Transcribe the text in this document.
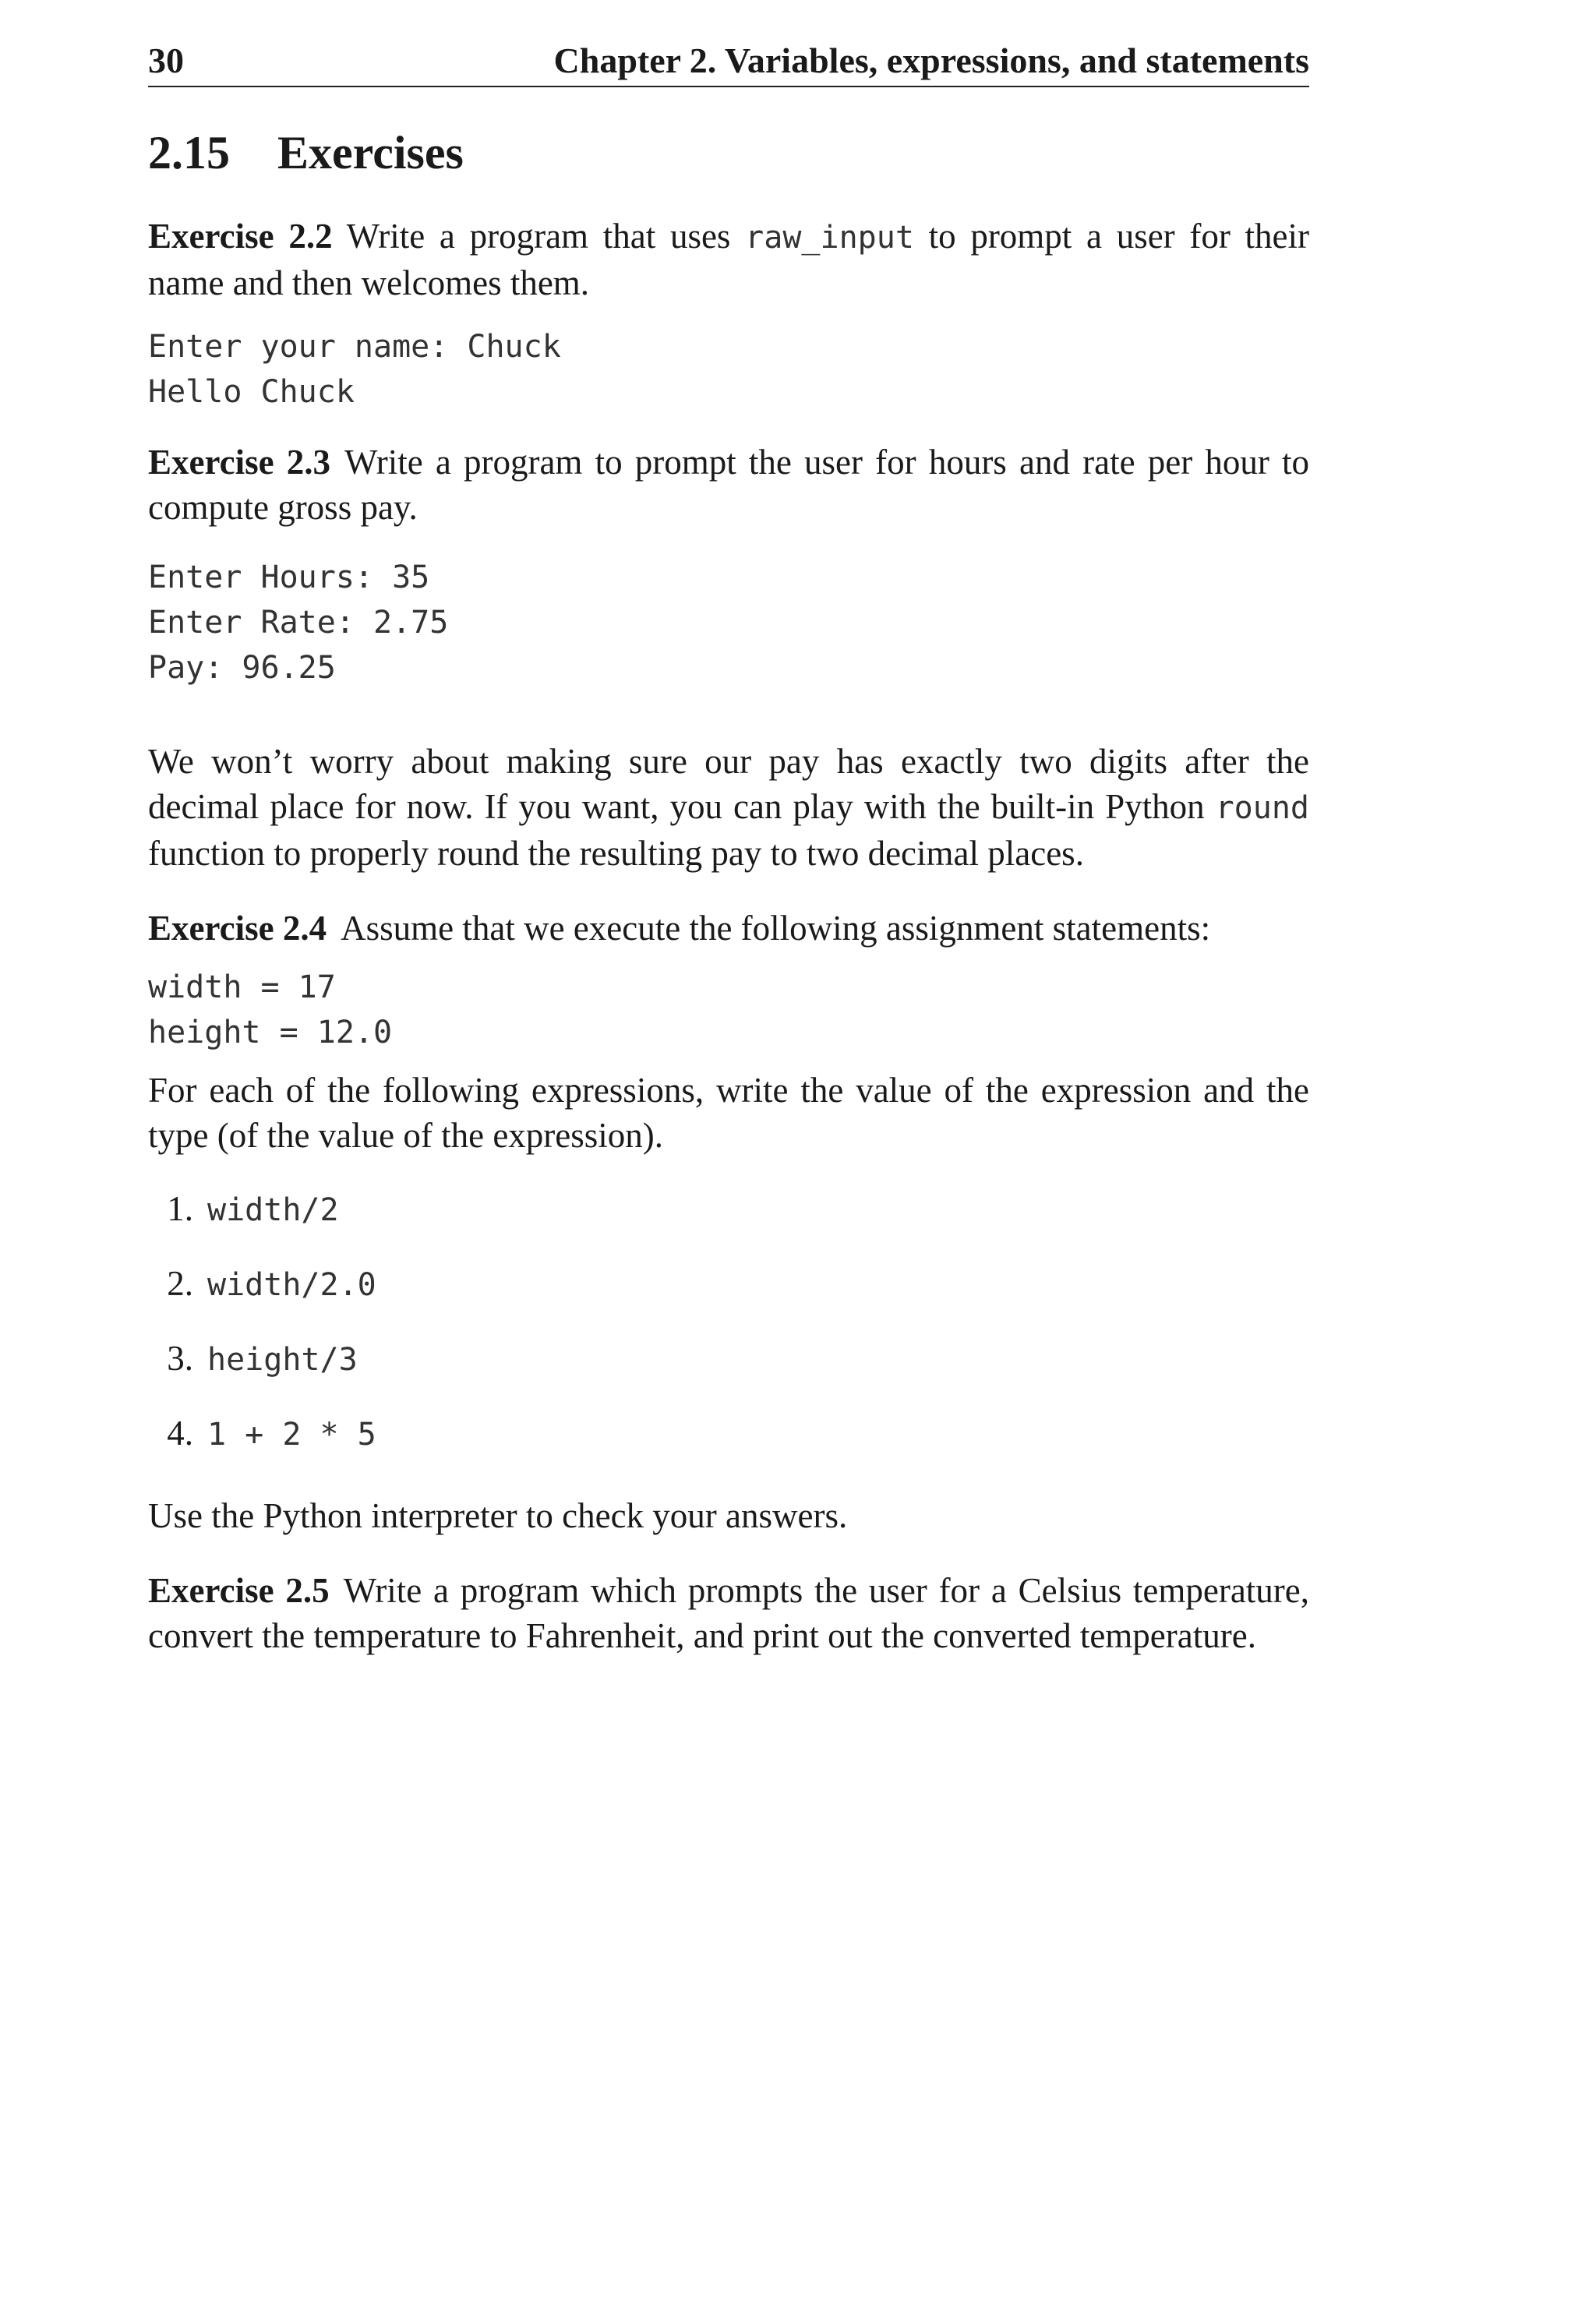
30	Chapter 2. Variables, expressions, and statements
2.15 Exercises

Exercise 2.2 Write a program that uses raw_input to prompt a user for their name and then welcomes them.

Enter your name: Chuck
Hello Chuck

Exercise 2.3 Write a program to prompt the user for hours and rate per hour to compute gross pay.

Enter Hours: 35
Enter Rate: 2.75
Pay: 96.25

We won’t worry about making sure our pay has exactly two digits after the decimal place for now. If you want, you can play with the built-in Python round function to properly round the resulting pay to two decimal places.

Exercise 2.4 Assume that we execute the following assignment statements:

width = 17
height = 12.0

For each of the following expressions, write the value of the expression and the type (of the value of the expression).

1. width/2
2. width/2.0
3. height/3
4. 1 + 2 * 5

Use the Python interpreter to check your answers.

Exercise 2.5 Write a program which prompts the user for a Celsius temperature, convert the temperature to Fahrenheit, and print out the converted temperature.
